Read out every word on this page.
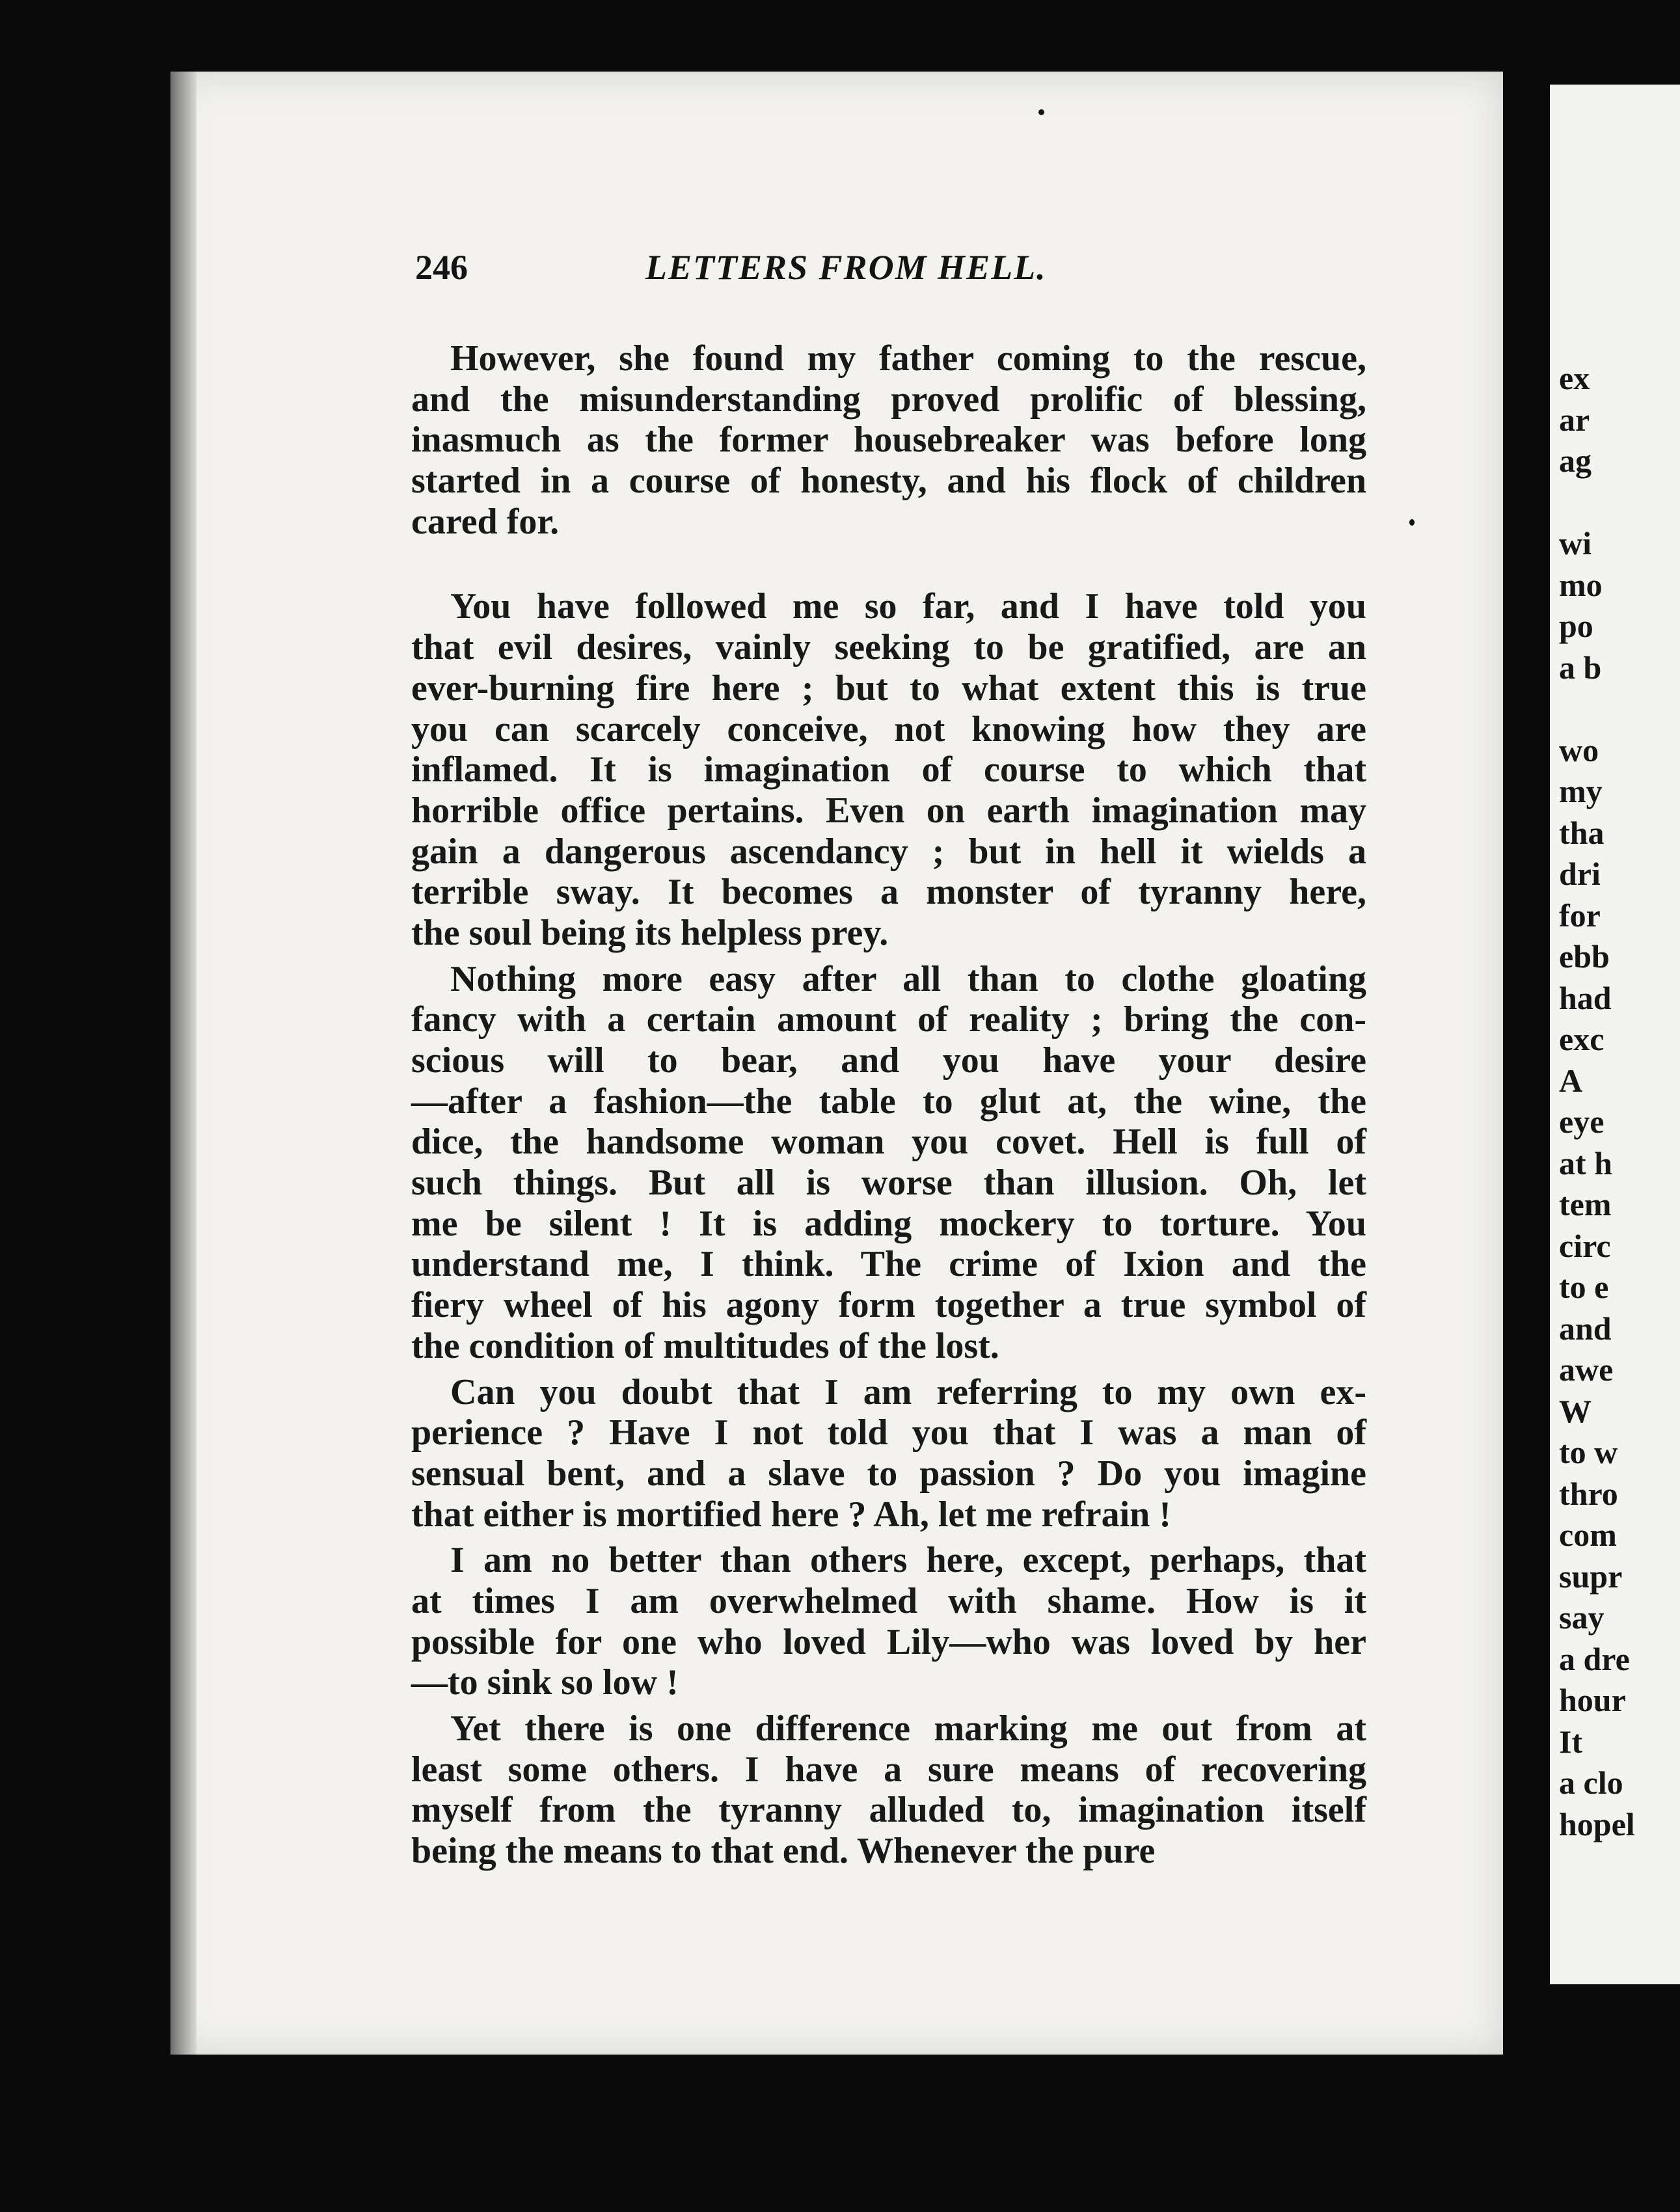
ex
ar
ag
wi
mo
po
a b
wo
my
tha
dri
for
ebb
had
exc
A
eye
at h
tem
circ
to e
and
awe
W
to w
thro
com
supr
say
a dre
hour
It
a clo
hopel
246	LETTERS FROM HELL.
However, she found my father coming to the rescue,
and the misunderstanding proved prolific of blessing,
inasmuch as the former housebreaker was before long
started in a course of honesty, and his flock of children
cared for.
You have followed me so far, and I have told you
that evil desires, vainly seeking to be gratified, are an
ever-burning fire here ; but to what extent this is true
you can scarcely conceive, not knowing how they are
inflamed. It is imagination of course to which that
horrible office pertains. Even on earth imagination may
gain a dangerous ascendancy ; but in hell it wields a
terrible sway. It becomes a monster of tyranny here,
the soul being its helpless prey.
Nothing more easy after all than to clothe gloating
fancy with a certain amount of reality ; bring the con-
scious will to bear, and you have your desire
—after a fashion—the table to glut at, the wine, the
dice, the handsome woman you covet. Hell is full of
such things. But all is worse than illusion. Oh, let
me be silent ! It is adding mockery to torture. You
understand me, I think. The crime of Ixion and the
fiery wheel of his agony form together a true symbol of
the condition of multitudes of the lost.
Can you doubt that I am referring to my own ex-
perience ? Have I not told you that I was a man of
sensual bent, and a slave to passion ? Do you imagine
that either is mortified here ? Ah, let me refrain !
I am no better than others here, except, perhaps, that
at times I am overwhelmed with shame. How is it
possible for one who loved Lily—who was loved by her
—to sink so low !
Yet there is one difference marking me out from at
least some others. I have a sure means of recovering
myself from the tyranny alluded to, imagination itself
being the means to that end. Whenever the pure
